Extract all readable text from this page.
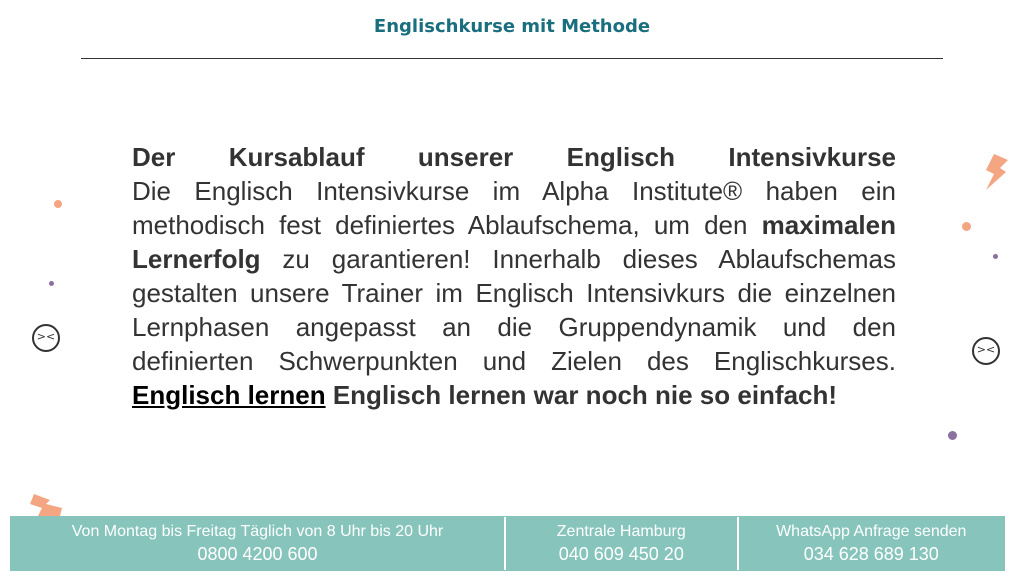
Englischkurse mit Methode
Der Kursablauf unserer Englisch Intensivkurse
Die Englisch Intensivkurse im Alpha Institute® haben ein methodisch fest definiertes Ablaufschema, um den maximalen Lernerfolg zu garantieren! Innerhalb dieses Ablaufschemas gestalten unsere Trainer im Englisch Intensivkurs die einzelnen Lernphasen angepasst an die Gruppendynamik und den definierten Schwerpunkten und Zielen des Englischkurses. Englisch lernen Englisch lernen war noch nie so einfach!
><
><
Von Montag bis Freitag Täglich von 8 Uhr bis 20 Uhr
0800 4200 600
Zentrale Hamburg
040 609 450 20
WhatsApp Anfrage senden
034 628 689 130
